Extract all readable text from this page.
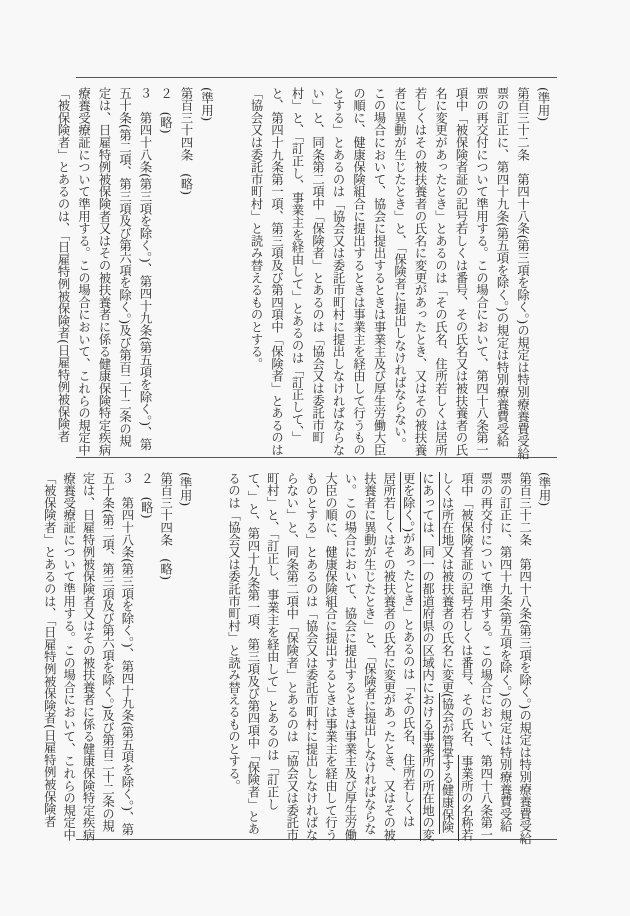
(準用)
第百三十二条　第四十八条(第三項を除く。)の規定は特別療養費受給
票の訂正に、第四十九条(第五項を除く。)の規定は特別療養費受給
票の再交付について準用する。この場合において、第四十八条第一
項中「被保険者証の記号若しくは番号、その氏名又は被扶養者の氏
名に変更があったとき」とあるのは「その氏名、住所若しくは居所
若しくはその被扶養者の氏名に変更があったとき、又はその被扶養
者に異動が生じたとき」と、「保険者に提出しなければならない。
この場合において、協会に提出するときは事業主及び厚生労働大臣
の順に、健康保険組合に提出するときは事業主を経由して行うもの
とする」とあるのは「協会又は委託市町村に提出しなければならな
い」と、同条第二項中「保険者」とあるのは「協会又は委託市町
村」と、「訂正し、事業主を経由して」とあるのは「訂正して、」
と、第四十九条第一項、第三項及び第四項中「保険者」とあるのは
「協会又は委託市町村」と読み替えるものとする。
(準用)
第百三十四条　(略)
２　(略)
３　第四十八条(第三項を除く。)、第四十九条(第五項を除く。)、第
五十条(第二項、第三項及び第六項を除く。)及び第百二十二条の規
定は、日雇特例被保険者又はその被扶養者に係る健康保険特定疾病
療養受療証について準用する。この場合において、これらの規定中
「被保険者」とあるのは、「日雇特例被保険者(日雇特例被保険者
(準用)
第百三十二条　第四十八条(第三項を除く。)の規定は特別療養費受給
票の訂正に、第四十九条(第五項を除く。)の規定は特別療養費受給
票の再交付について準用する。この場合において、第四十八条第一
項中「被保険者証の記号若しくは番号、その氏名、事業所の名称若
しくは所在地又は被扶養者の氏名に変更(協会が管掌する健康保険
にあっては、同一の都道府県の区域内における事業所の所在地の変
更を除く。)があったとき」とあるのは「その氏名、住所若しくは
居所若しくはその被扶養者の氏名に変更があったとき、又はその被
扶養者に異動が生じたとき」と、「保険者に提出しなければならな
い。この場合において、協会に提出するときは事業主及び厚生労働
大臣の順に、健康保険組合に提出するときは事業主を経由して行う
ものとする」とあるのは「協会又は委託市町村に提出しなければな
らない」と、同条第二項中「保険者」とあるのは「協会又は委託市
町村」と、「訂正し、事業主を経由して」とあるのは「訂正し
て、」と、第四十九条第一項、第三項及び第四項中「保険者」とあ
るのは「協会又は委託市町村」と読み替えるものとする。
(準用)
第百三十四条　(略)
２　(略)
３　第四十八条(第三項を除く。)、第四十九条(第五項を除く。)、第
五十条(第二項、第三項及び第六項を除く。)及び第百二十二条の規
定は、日雇特例被保険者又はその被扶養者に係る健康保険特定疾病
療養受療証について準用する。この場合において、これらの規定中
「被保険者」とあるのは、「日雇特例被保険者(日雇特例被保険者
